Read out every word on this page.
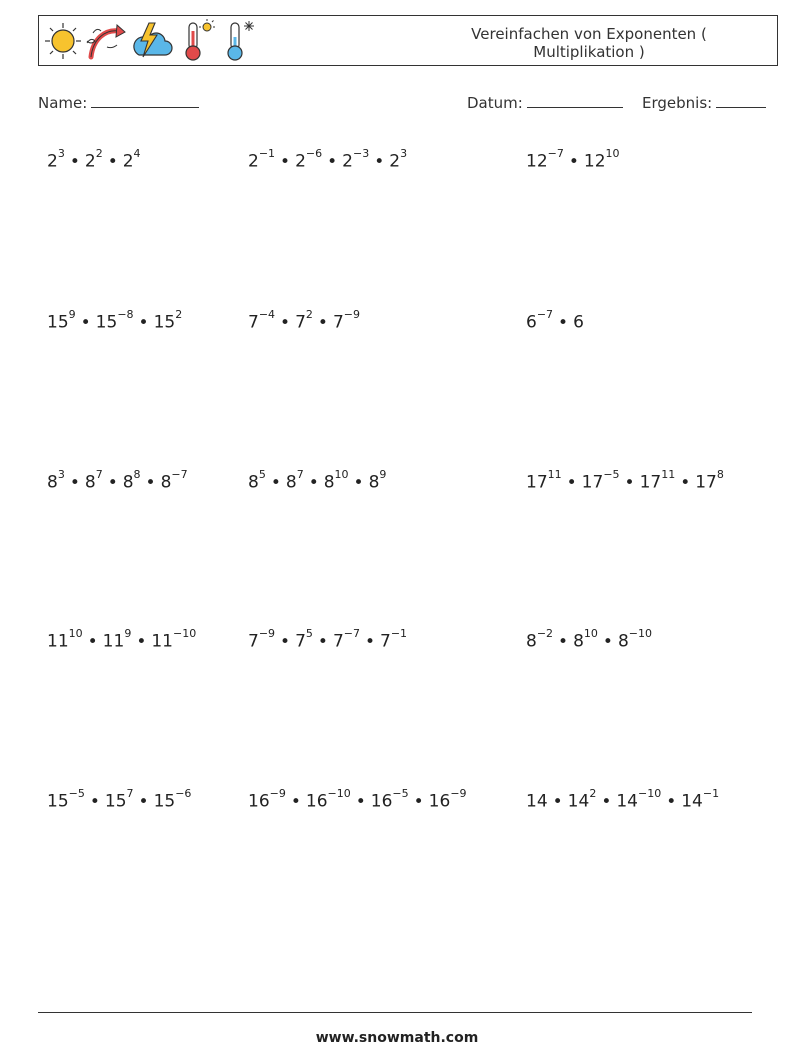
Vereinfachen von Exponenten (
Multiplikation )
Name:	Datum:	Ergebnis:
$2^3$ • $2^2$ • $2^4$	$2^{-1}$ • $2^{-6}$ • $2^{-3}$ • $2^3$	$12^{-7}$ • $12^{10}$
$15^9$ • $15^{-8}$ • $15^2$	$7^{-4}$ • $7^2$ • $7^{-9}$	$6^{-7}$ • 6
$8^3$ • $8^7$ • $8^8$ • $8^{-7}$	$8^5$ • $8^7$ • $8^{10}$ • $8^9$	$17^{11}$ • $17^{-5}$ • $17^{11}$ • $17^8$
$11^{10}$ • $11^9$ • $11^{-10}$	$7^{-9}$ • $7^5$ • $7^{-7}$ • $7^{-1}$	$8^{-2}$ • $8^{10}$ • $8^{-10}$
$15^{-5}$ • $15^7$ • $15^{-6}$	$16^{-9}$ • $16^{-10}$ • $16^{-5}$ • $16^{-9}$	14 • $14^2$ • $14^{-10}$ • $14^{-1}$
www.snowmath.com
